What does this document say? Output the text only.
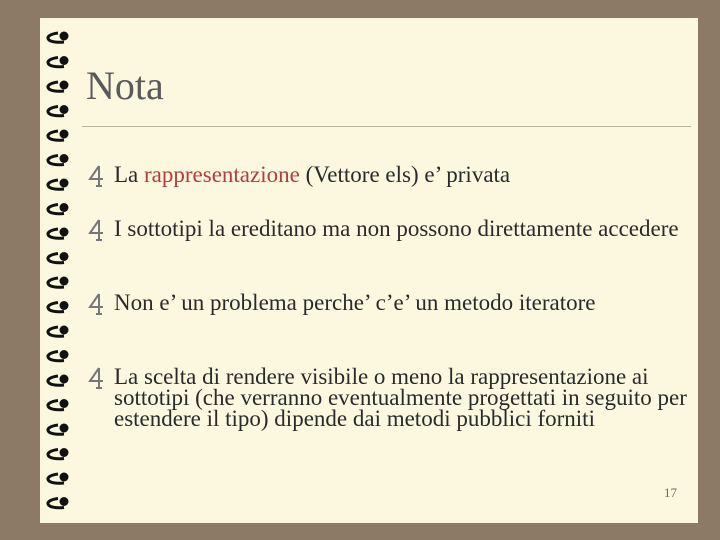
Nota
La rappresentazione (Vettore els) e’ privata
I sottotipi la ereditano ma non possono direttamente accedere
Non e’ un problema perche’ c’e’ un metodo iteratore
La scelta di rendere visibile o meno la rappresentazione ai sottotipi (che verranno eventualmente progettati in seguito per estendere il tipo) dipende dai metodi pubblici forniti
17
